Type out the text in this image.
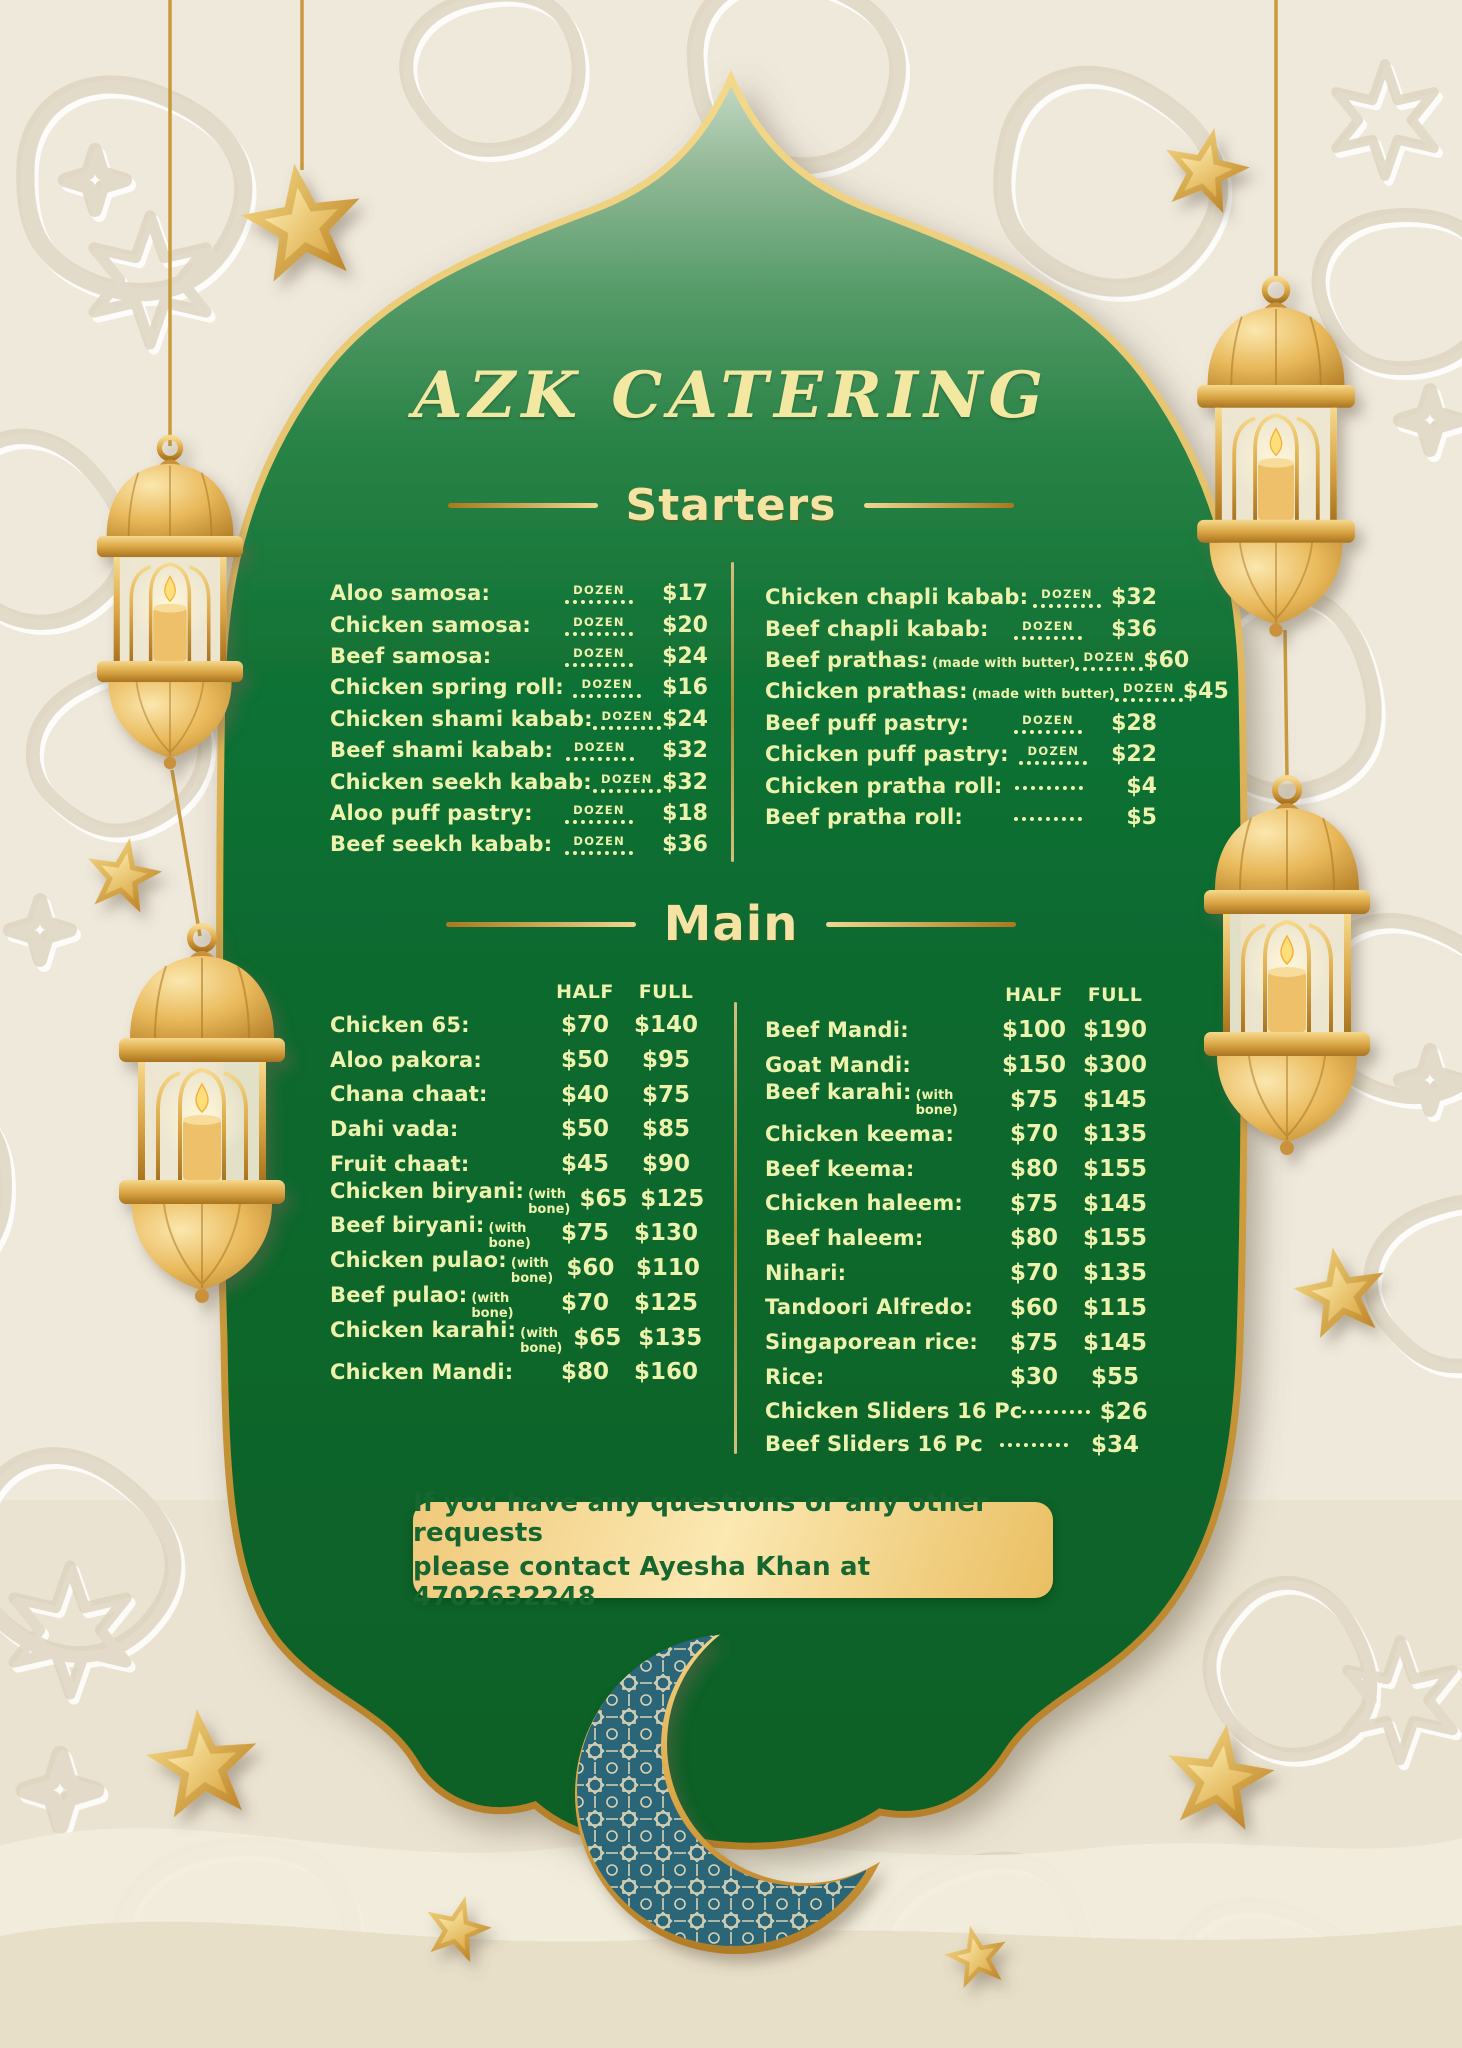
AZK CATERING
Starters
Aloo samosa:	DOZEN	$17
Chicken samosa:	DOZEN	$20
Beef samosa:	DOZEN	$24
Chicken spring roll: DOZEN	$16
Chicken shami kabab: DOZEN $24
Beef shami kabab: DOZEN	$32
Chicken seekh kabab: DOZEN $32
Aloo puff pastry:	DOZEN	$18
Beef seekh kabab: DOZEN	$36
Chicken chapli kabab: DOZEN $32
Beef chapli kabab:	DOZEN	$36
Beef prathas: (made with butter) DOZEN $60
Chicken prathas: (made with butter) DOZEN $45
Beef puff pastry:	DOZEN	$28
Chicken puff pastry: DOZEN	$22
Chicken pratha roll:	$4
Beef pratha roll:	$5
Main
HALF	FULL	HALF	FULL
Chicken 65:	$70	$140
Aloo pakora:	$50	$95
Chana chaat:	$40	$75
Dahi vada:	$50	$85
Fruit chaat:	$45	$90
Chicken biryani: (with bone) $65 $125
Beef biryani: (with bone)	$75	$130
Chicken pulao: (with bone) $60 $110
Beef pulao: (with bone)	$70	$125
Chicken karahi: (with bone) $65 $135
Chicken Mandi:	$80	$160
Beef Mandi:	$100 $190
Goat Mandi:	$150 $300
Beef karahi: (with bone)	$75	$145
Chicken keema:	$70	$135
Beef keema:	$80	$155
Chicken haleem:	$75	$145
Beef haleem:	$80	$155
Nihari:	$70	$135
Tandoori Alfredo:	$60	$115
Singaporean rice:	$75	$145
Rice:	$30	$55
Chicken Sliders 16 Pc	$26
Beef Sliders 16 Pc	$34
If you have any questions or any other requests
please contact Ayesha Khan at 4702632248
